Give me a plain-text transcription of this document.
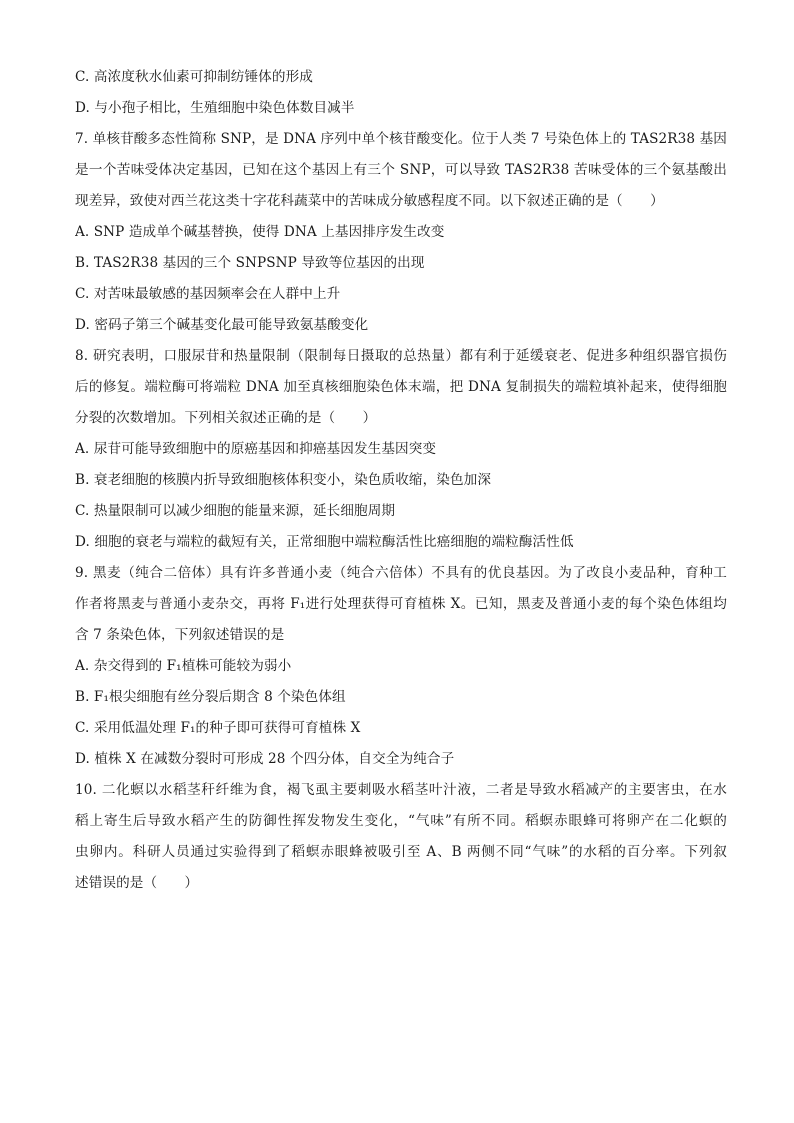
C. 高浓度秋水仙素可抑制纺锤体的形成
D. 与小孢子相比，生殖细胞中染色体数目减半
7. 单核苷酸多态性简称 SNP，是 DNA 序列中单个核苷酸变化。位于人类 7 号染色体上的 TAS2R38 基因
是一个苦味受体决定基因，已知在这个基因上有三个 SNP，可以导致 TAS2R38 苦味受体的三个氨基酸出
现差异，致使对西兰花这类十字花科蔬菜中的苦味成分敏感程度不同。以下叙述正确的是（　　）
A. SNP 造成单个碱基替换，使得 DNA 上基因排序发生改变
B. TAS2R38 基因的三个 SNPSNP 导致等位基因的出现
C. 对苦味最敏感的基因频率会在人群中上升
D. 密码子第三个碱基变化最可能导致氨基酸变化
8. 研究表明，口服尿苷和热量限制（限制每日摄取的总热量）都有利于延缓衰老、促进多种组织器官损伤
后的修复。端粒酶可将端粒 DNA 加至真核细胞染色体末端，把 DNA 复制损失的端粒填补起来，使得细胞
分裂的次数增加。下列相关叙述正确的是（　　）
A. 尿苷可能导致细胞中的原癌基因和抑癌基因发生基因突变
B. 衰老细胞的核膜内折导致细胞核体积变小，染色质收缩，染色加深
C. 热量限制可以减少细胞的能量来源，延长细胞周期
D. 细胞的衰老与端粒的截短有关，正常细胞中端粒酶活性比癌细胞的端粒酶活性低
9. 黑麦（纯合二倍体）具有许多普通小麦（纯合六倍体）不具有的优良基因。为了改良小麦品种，育种工
作者将黑麦与普通小麦杂交，再将 F₁进行处理获得可育植株 X。已知，黑麦及普通小麦的每个染色体组均
含 7 条染色体，下列叙述错误的是
A. 杂交得到的 F₁植株可能较为弱小
B. F₁根尖细胞有丝分裂后期含 8 个染色体组
C. 采用低温处理 F₁的种子即可获得可育植株 X
D. 植株 X 在减数分裂时可形成 28 个四分体，自交全为纯合子
10. 二化螟以水稻茎秆纤维为食，褐飞虱主要刺吸水稻茎叶汁液，二者是导致水稻减产的主要害虫，在水
稻上寄生后导致水稻产生的防御性挥发物发生变化，“气味”有所不同。稻螟赤眼蜂可将卵产在二化螟的
虫卵内。科研人员通过实验得到了稻螟赤眼蜂被吸引至 A、B 两侧不同“气味”的水稻的百分率。下列叙
述错误的是（　　）
